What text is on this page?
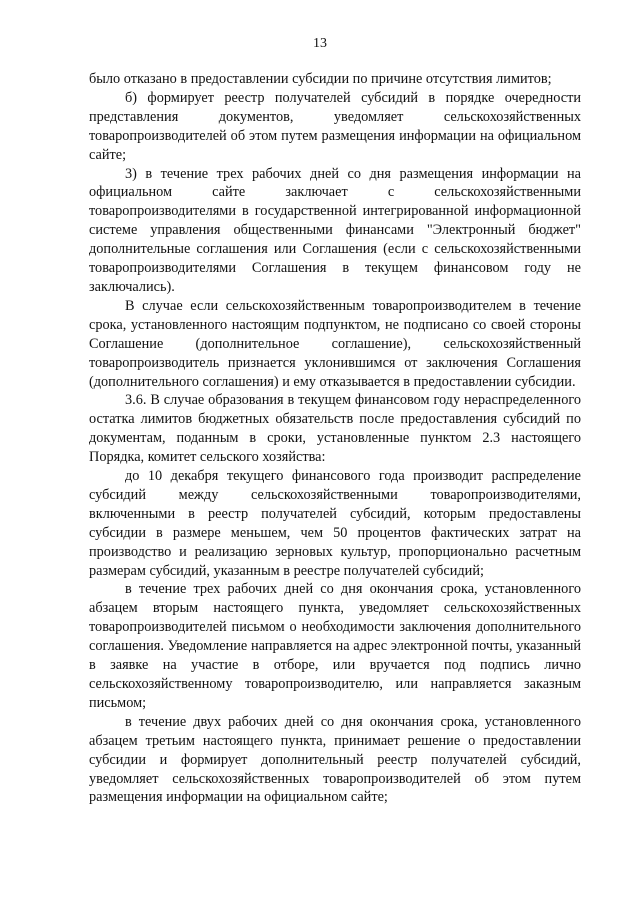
13

было отказано в предоставлении субсидии по причине отсутствия лимитов;

б) формирует реестр получателей субсидий в порядке очередности представления документов, уведомляет сельскохозяйственных товаропроизводителей об этом путем размещения информации на официальном сайте;

3) в течение трех рабочих дней со дня размещения информации на официальном сайте заключает с сельскохозяйственными товаропроизводителями в государственной интегрированной информационной системе управления общественными финансами "Электронный бюджет" дополнительные соглашения или Соглашения (если с сельскохозяйственными товаропроизводителями Соглашения в текущем финансовом году не заключались).

В случае если сельскохозяйственным товаропроизводителем в течение срока, установленного настоящим подпунктом, не подписано со своей стороны Соглашение (дополнительное соглашение), сельскохозяйственный товаропроизводитель признается уклонившимся от заключения Соглашения (дополнительного соглашения) и ему отказывается в предоставлении субсидии.

3.6. В случае образования в текущем финансовом году нераспределенного остатка лимитов бюджетных обязательств после предоставления субсидий по документам, поданным в сроки, установленные пунктом 2.3 настоящего Порядка, комитет сельского хозяйства:

до 10 декабря текущего финансового года производит распределение субсидий между сельскохозяйственными товаропроизводителями, включенными в реестр получателей субсидий, которым предоставлены субсидии в размере меньшем, чем 50 процентов фактических затрат на производство и реализацию зерновых культур, пропорционально расчетным размерам субсидий, указанным в реестре получателей субсидий;

в течение трех рабочих дней со дня окончания срока, установленного абзацем вторым настоящего пункта, уведомляет сельскохозяйственных товаропроизводителей письмом о необходимости заключения дополнительного соглашения. Уведомление направляется на адрес электронной почты, указанный в заявке на участие в отборе, или вручается под подпись лично сельскохозяйственному товаропроизводителю, или направляется заказным письмом;

в течение двух рабочих дней со дня окончания срока, установленного абзацем третьим настоящего пункта, принимает решение о предоставлении субсидии и формирует дополнительный реестр получателей субсидий, уведомляет сельскохозяйственных товаропроизводителей об этом путем размещения информации на официальном сайте;
